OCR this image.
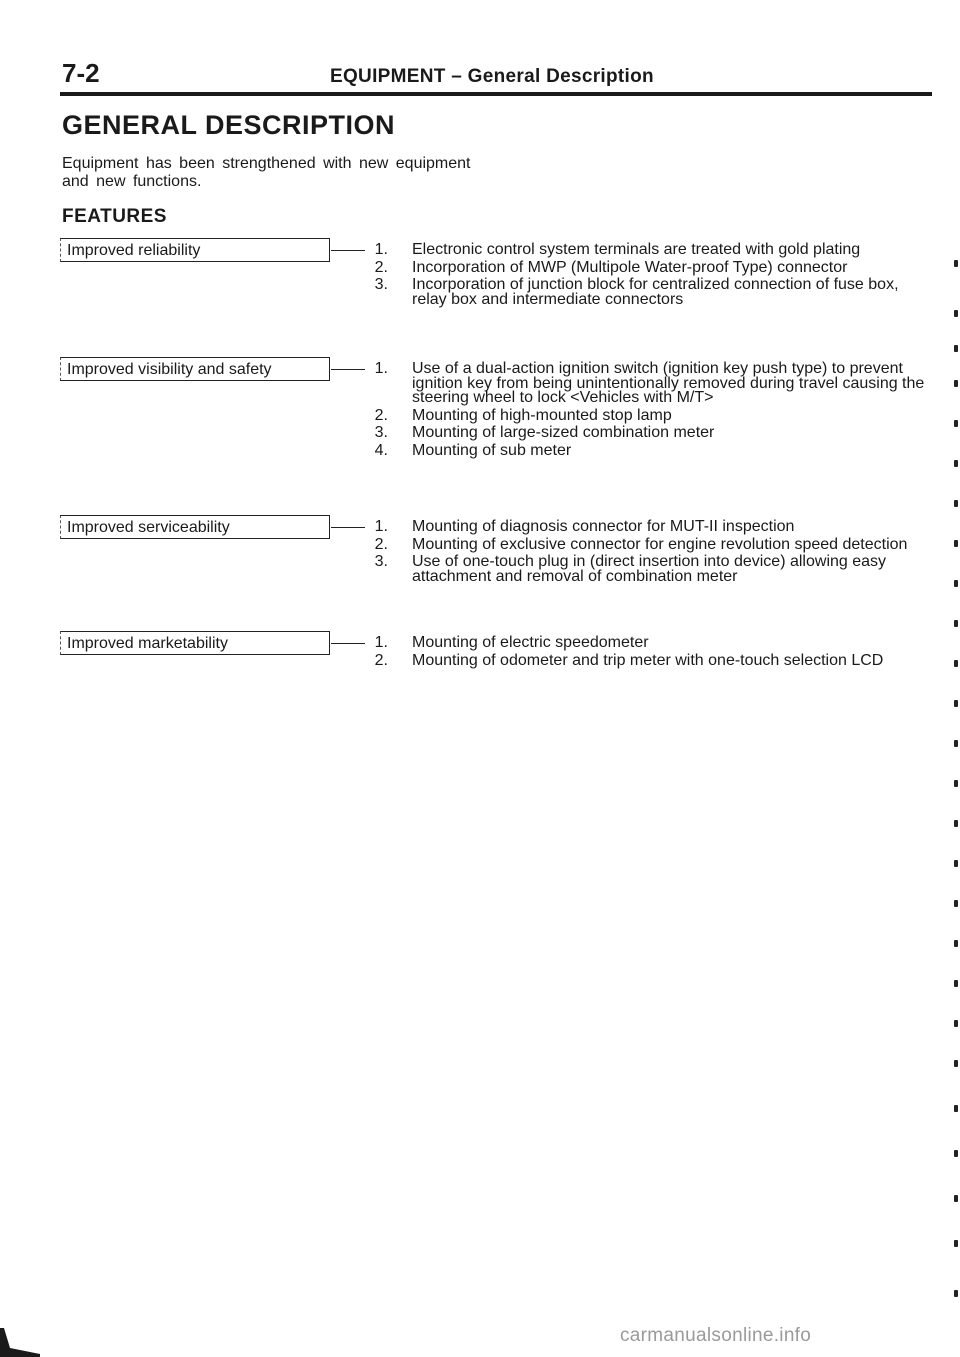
7-2	EQUIPMENT – General Description
GENERAL DESCRIPTION
Equipment has been strengthened with new equipment and new functions.
FEATURES
Improved reliability	1. Electronic control system terminals are treated with gold plating
2. Incorporation of MWP (Multipole Water-proof Type) connector
3. Incorporation of junction block for centralized connection of fuse box, relay box and intermediate connectors
Improved visibility and safety	1. Use of a dual-action ignition switch (ignition key push type) to prevent ignition key from being unintentionally removed during travel causing the steering wheel to lock <Vehicles with M/T>
2. Mounting of high-mounted stop lamp
3. Mounting of large-sized combination meter
4. Mounting of sub meter
Improved serviceability	1. Mounting of diagnosis connector for MUT-II inspection
2. Mounting of exclusive connector for engine revolution speed detection
3. Use of one-touch plug in (direct insertion into device) allowing easy attachment and removal of combination meter
Improved marketability	1. Mounting of electric speedometer
2. Mounting of odometer and trip meter with one-touch selection LCD
carmanualsonline.info
